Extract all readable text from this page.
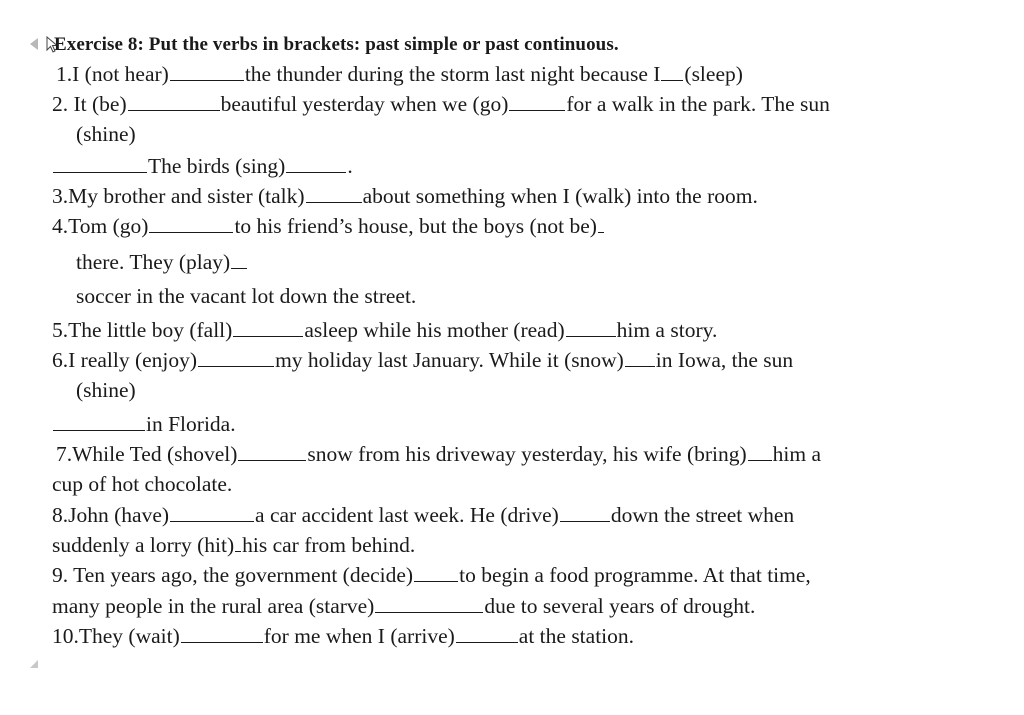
Exercise 8: Put the verbs in brackets: past simple or past continuous.
1.I (not hear)	the thunder during the storm last night because I (sleep)
2. It (be)	beautiful yesterday when we (go)	for a walk in the park. The sun
(shine)
The birds (sing)	.
3.My brother and sister (talk)	about something when I (walk) into the room.
4.Tom (go)	to his friend’s house, but the boys (not be)
there. They (play)
soccer in the vacant lot down the street.
5.The little boy (fall)	asleep while his mother (read) him a story.
6.I really (enjoy)	my holiday last January. While it (snow) in Iowa, the sun
(shine)
in Florida.
7.While Ted (shovel)	snow from his driveway yesterday, his wife (bring) him a
cup of hot chocolate.
8.John (have)	a car accident last week. He (drive) down the street when
suddenly a lorry (hit) his car from behind.
9. Ten years ago, the government (decide) to begin a food programme. At that time,
many people in the rural area (starve)	due to several years of drought.
10.They (wait)	for me when I (arrive)	at the station.
